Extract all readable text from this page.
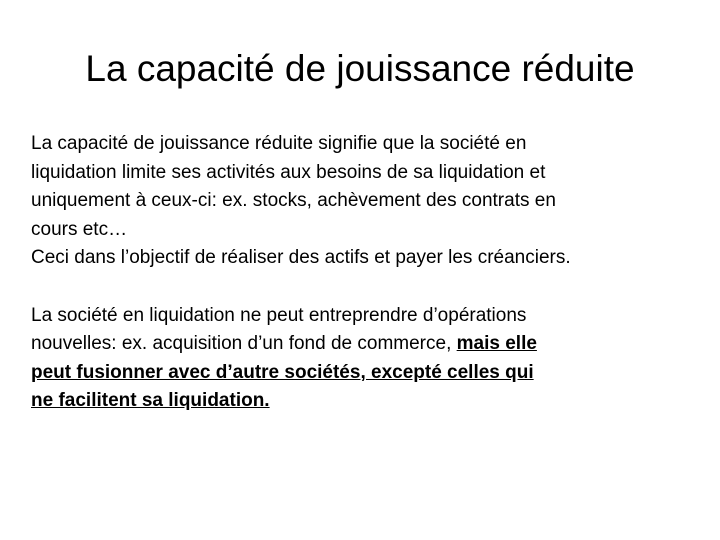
La capacité de jouissance réduite
La capacité de jouissance réduite signifie que la société en
liquidation limite ses activités aux besoins de sa liquidation et
uniquement à ceux-ci: ex. stocks, achèvement des contrats en
cours etc…
Ceci dans l’objectif de réaliser des actifs et payer les créanciers.
La société en liquidation ne peut entreprendre d’opérations
nouvelles: ex. acquisition d’un fond de commerce, mais elle
peut fusionner avec d’autre sociétés, excepté celles qui
ne facilitent sa liquidation.
